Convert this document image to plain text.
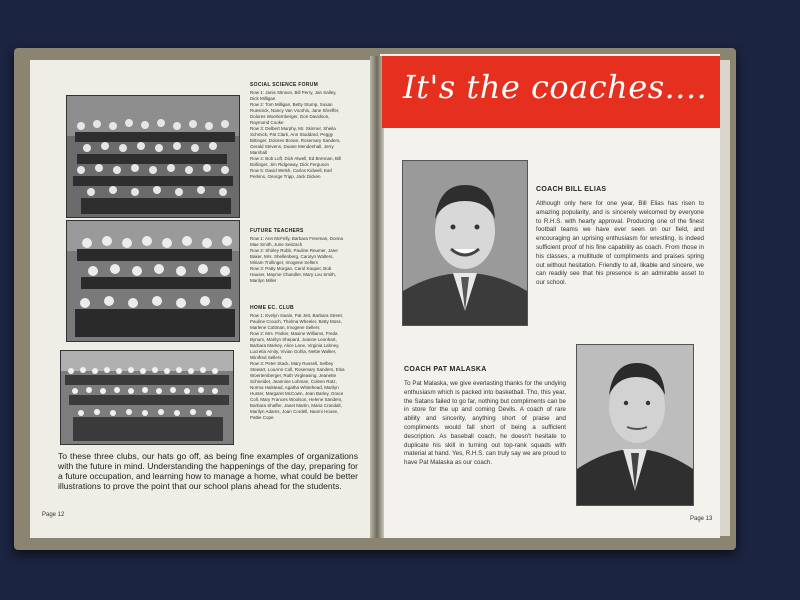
SOCIAL SCIENCE FORUM
Row 1: Janis Stinson, Bill Perry, Jan Salley, Dick Milligan
Row 2: Tom Milligan, Betty Stump, Susan Ruesnick, Nancy Van Voorhis, Jane Shreffer, Dolores Woerlemberger, Don Davidson, Raymond Cooke
Row 3: Delbert Murphy, Mr. Skinner, Sheila Schmick, Pat Clark, Ann Stoddard, Peggy Bittinger, Dolores Brown, Rosemary Sanders, Gerald Stevens, Duane Mendenhall, Jerry Marshall
Row 4: Bob Loft, Dick Atwell, Ed Brennan, Bill Bollinger, Jim Ridgeway, Dick Ferguson
Row 5: David Welsh, Carlos Kidwell, Earl Perkins, George Tripp, Jack Dicken
FUTURE TEACHERS
Row 1: Ann McFelly, Barbara Freeman, Donna Mae Smith, June Seitzach
Row 2: Shirley Rubb, Pauline Reumer, Jane Baker, Mrs. Shellenberg, Carolyn Walters, Miriam Trollinger, Imogene Sellers
Row 3: Patty Morgan, Carol Kauper, Bob Hauser, Mayme Chandler, Mary Lou Smith, Marilyn Miller
HOME EC. CLUB
Row 1: Evelyn Swain, Pat Jett, Barbara Street, Pauline Crouch, Thelma Wheeler, Betty Moss, Marlene Cottman, Imogene Sellers
Row 2: Mrs. Parker, Maxine Williams, Freda Bynum, Marilyn Shepard, Joanne Leonhart, Barbara Markey, Alice Lane, Virginia Lahney, Lucretia Amity, Vivian Gohla, Nettie Walker, Winifred Sellers
Row 3: Peter Stack, Mary Russell, Selbey Stewart, LouAnn Coll, Rosemary Sanders, Elsa Woertemberger, Ruth Virgleasing, Jeanette Schneider, Jeannine Lohman, Coleen Ratz, Norma Halstead, Agatha Whitehead, Marilyn Hunter, Margaret McCown, Jean Barley, Grace Coll, Mary Frances Woolson, Helene Sanders, Barbara Shaffer, Janet Martin, Maria Crandall, Marilyn Adams, Joan Cordell, Naomi Hoose, Pattie Cope
To these three clubs, our hats go off, as being fine examples of organizations with the future in mind. Understanding the happenings of the day, preparing for a future occupation, and learning how to manage a home, what could be better illustrations to prove the point that our school plans ahead for the students.
Page 12
It's the coaches....
COACH BILL ELIAS
Although only here for one year, Bill Elias has risen to amazing popularity, and is sincerely welcomed by everyone to R.H.S. with hearty approval. Producing one of the finest football teams we have ever seen on our field, and encouraging an uprising enthusiasm for wrestling, is indeed sufficient proof of his fine capability as coach. From those in his classes, a multitude of compliments and praises spring out without hesitation. Friendly to all, likable and sincere, we can readily see that his presence is an admirable asset to our school.
COACH PAT MALASKA
To Pat Malaska, we give everlasting thanks for the undying enthusiasm which is packed into basketball. Tho, this year, the Satans failed to go far, nothing but compliments can be in store for the up and coming Devils. A coach of rare ability and sincerity, anything short of praise and compliments would fall short of being a sufficient description. As baseball coach, he doesn't hesitate to duplicate his skill in turning out top-rank squads with material at hand. Yes, R.H.S. can truly say we are proud to have Pat Malaska as our coach.
Page 13
